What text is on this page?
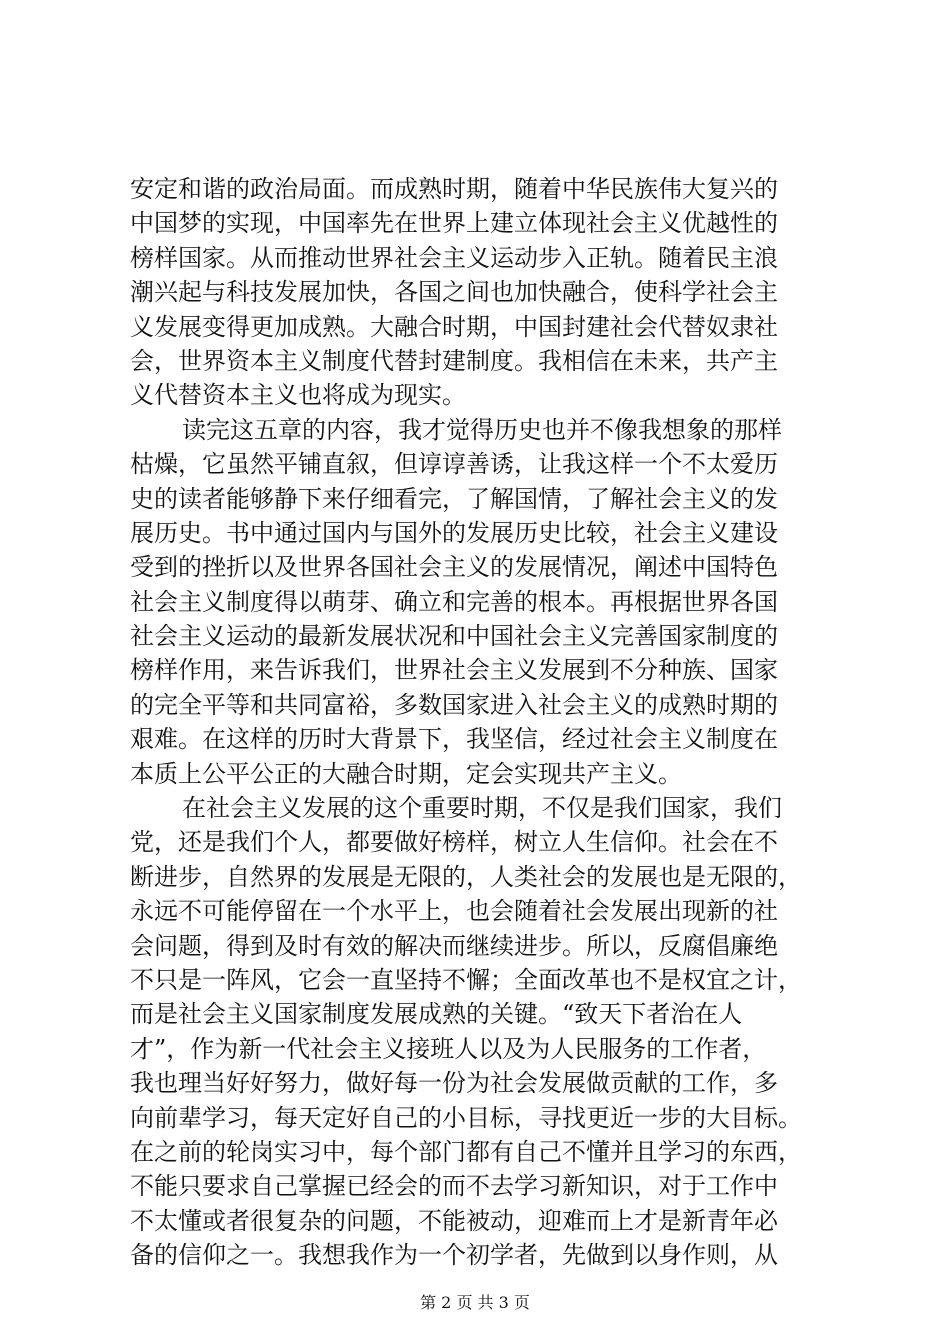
安定和谐的政治局面。而成熟时期，随着中华民族伟大复兴的
中国梦的实现，中国率先在世界上建立体现社会主义优越性的
榜样国家。从而推动世界社会主义运动步入正轨。随着民主浪
潮兴起与科技发展加快，各国之间也加快融合，使科学社会主
义发展变得更加成熟。大融合时期，中国封建社会代替奴隶社
会，世界资本主义制度代替封建制度。我相信在未来，共产主
义代替资本主义也将成为现实。
读完这五章的内容，我才觉得历史也并不像我想象的那样
枯燥，它虽然平铺直叙，但谆谆善诱，让我这样一个不太爱历
史的读者能够静下来仔细看完，了解国情，了解社会主义的发
展历史。书中通过国内与国外的发展历史比较，社会主义建设
受到的挫折以及世界各国社会主义的发展情况，阐述中国特色
社会主义制度得以萌芽、确立和完善的根本。再根据世界各国
社会主义运动的最新发展状况和中国社会主义完善国家制度的
榜样作用，来告诉我们，世界社会主义发展到不分种族、国家
的完全平等和共同富裕，多数国家进入社会主义的成熟时期的
艰难。在这样的历时大背景下，我坚信，经过社会主义制度在
本质上公平公正的大融合时期，定会实现共产主义。
在社会主义发展的这个重要时期，不仅是我们国家，我们
党，还是我们个人，都要做好榜样，树立人生信仰。社会在不
断进步，自然界的发展是无限的，人类社会的发展也是无限的，
永远不可能停留在一个水平上，也会随着社会发展出现新的社
会问题，得到及时有效的解决而继续进步。所以，反腐倡廉绝
不只是一阵风，它会一直坚持不懈；全面改革也不是权宜之计，
而是社会主义国家制度发展成熟的关键。“致天下者治在人
才”，作为新一代社会主义接班人以及为人民服务的工作者，
我也理当好好努力，做好每一份为社会发展做贡献的工作，多
向前辈学习，每天定好自己的小目标，寻找更近一步的大目标。
在之前的轮岗实习中，每个部门都有自己不懂并且学习的东西，
不能只要求自己掌握已经会的而不去学习新知识，对于工作中
不太懂或者很复杂的问题，不能被动，迎难而上才是新青年必
备的信仰之一。我想我作为一个初学者，先做到以身作则，从
第 2 页 共 3 页
